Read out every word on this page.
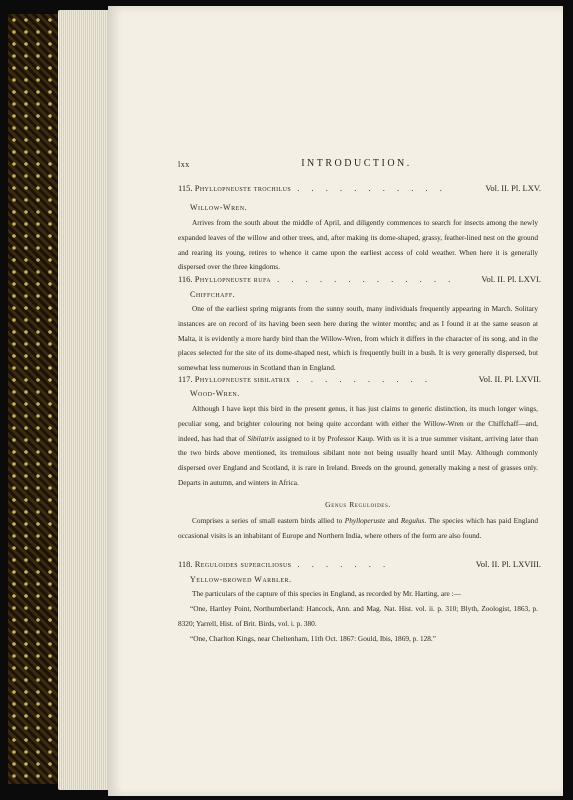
lxx	INTRODUCTION.
115. Phyllopneuste trochilus . . . . . . . . . . .	Vol. II. Pl. LXV.
Willow-Wren.
Arrives from the south about the middle of April, and diligently commences to search for insects among the newly expanded leaves of the willow and other trees, and, after making its dome-shaped, grassy, feather-lined nest on the ground and rearing its young, retires to whence it came upon the earliest access of cold weather. When here it is generally dispersed over the three kingdoms.
116. Phyllopneuste rufa . . . . . . . . . . . . .	Vol. II. Pl. LXVI.
Chiffchaff.
One of the earliest spring migrants from the sunny south, many individuals frequently appearing in March. Solitary instances are on record of its having been seen here during the winter months; and as I found it at the same season at Malta, it is evidently a more hardy bird than the Willow-Wren, from which it differs in the character of its song, and in the places selected for the site of its dome-shaped nest, which is frequently built in a bush. It is very generally dispersed, but somewhat less numerous in Scotland than in England.
117. Phyllopneuste sibilatrix . . . . . . . . . .	Vol. II. Pl. LXVII.
Wood-Wren.
Although I have kept this bird in the present genus, it has just claims to generic distinction, its much longer wings, peculiar song, and brighter colouring not being quite accordant with either the Willow-Wren or the Chiffchaff—and, indeed, has had that of Sibilatrix assigned to it by Professor Kaup. With us it is a true summer visitant, arriving later than the two birds above mentioned, its tremulous sibilant note not being usually heard until May. Although commonly dispersed over England and Scotland, it is rare in Ireland. Breeds on the ground, generally making a nest of grasses only. Departs in autumn, and winters in Africa.
Genus Reguloides.
Comprises a series of small eastern birds allied to Phylloperuste and Regulus. The species which has paid England occasional visits is an inhabitant of Europe and Northern India, where others of the form are also found.
118. Reguloides superciliosus . . . . . . .	Vol. II. Pl. LXVIII.
Yellow-browed Warbler.
The particulars of the capture of this species in England, as recorded by Mr. Harting, are :—
“One, Hartley Point, Northumberland: Hancock, Ann. and Mag. Nat. Hist. vol. ii. p. 310; Blyth, Zoologist, 1863, p. 8320; Yarrell, Hist. of Brit. Birds, vol. i. p. 380.
“One, Charlton Kings, near Cheltenham, 11th Oct. 1867: Gould, Ibis, 1869, p. 128.”
